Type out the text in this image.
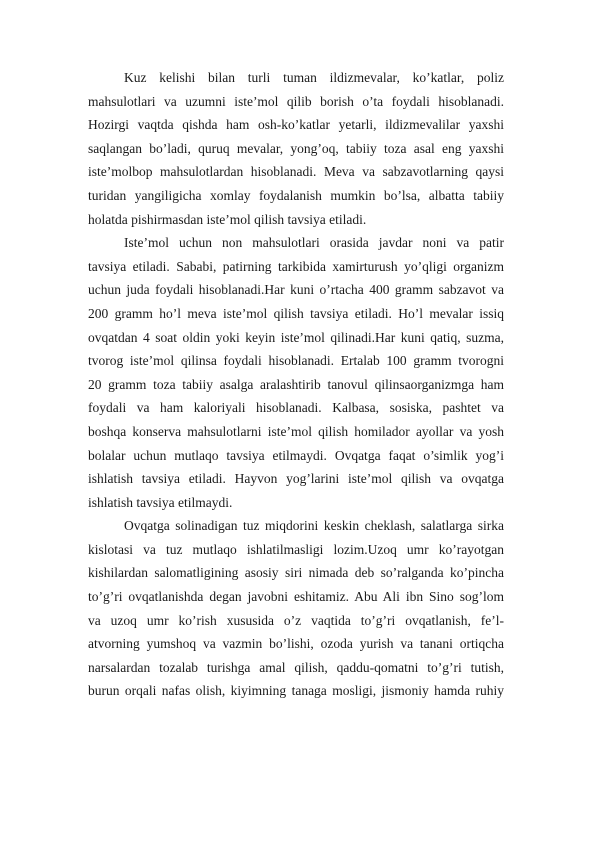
Kuz kelishi bilan turli tuman ildizmevalar, ko’katlar, poliz
mahsulotlari va uzumni iste’mol qilib borish o’ta foydali hisoblanadi.
Hozirgi vaqtda qishda ham osh-ko’katlar yetarli, ildizmevalilar yaxshi
saqlangan bo’ladi, quruq mevalar, yong’oq, tabiiy toza asal eng yaxshi
iste’molbop mahsulotlardan hisoblanadi. Meva va sabzavotlarning qaysi
turidan yangiligicha xomlay foydalanish mumkin bo’lsa, albatta tabiiy
holatda pishirmasdan iste’mol qilish tavsiya etiladi.
Iste’mol uchun non mahsulotlari orasida javdar noni va patir
tavsiya etiladi. Sababi, patirning tarkibida xamirturush yo’qligi organizm
uchun juda foydali hisoblanadi.Har kuni o’rtacha 400 gramm sabzavot va
200 gramm ho’l meva iste’mol qilish tavsiya etiladi. Ho’l mevalar issiq
ovqatdan 4 soat oldin yoki keyin iste’mol qilinadi.Har kuni qatiq, suzma,
tvorog iste’mol qilinsa foydali hisoblanadi. Ertalab 100 gramm tvorogni
20 gramm toza tabiiy asalga aralashtirib tanovul qilinsaorganizmga ham
foydali va ham kaloriyali hisoblanadi. Kalbasa, sosiska, pashtet va
boshqa konserva mahsulotlarni iste’mol qilish homilador ayollar va yosh
bolalar uchun mutlaqo tavsiya etilmaydi. Ovqatga faqat o’simlik yog’i
ishlatish tavsiya etiladi. Hayvon yog’larini iste’mol qilish va ovqatga
ishlatish tavsiya etilmaydi.
Ovqatga solinadigan tuz miqdorini keskin cheklash, salatlarga sirka
kislotasi va tuz mutlaqo ishlatilmasligi lozim.Uzoq umr ko’rayotgan
kishilardan salomatligining asosiy siri nimada deb so’ralganda ko’pincha
to’g’ri ovqatlanishda degan javobni eshitamiz. Abu Ali ibn Sino sog’lom
va uzoq umr ko’rish xususida o’z vaqtida to’g’ri ovqatlanish, fe’l-
atvorning yumshoq va vazmin bo’lishi, ozoda yurish va tanani ortiqcha
narsalardan tozalab turishga amal qilish, qaddu-qomatni to’g’ri tutish,
burun orqali nafas olish, kiyimning tanaga mosligi, jismoniy hamda ruhiy
